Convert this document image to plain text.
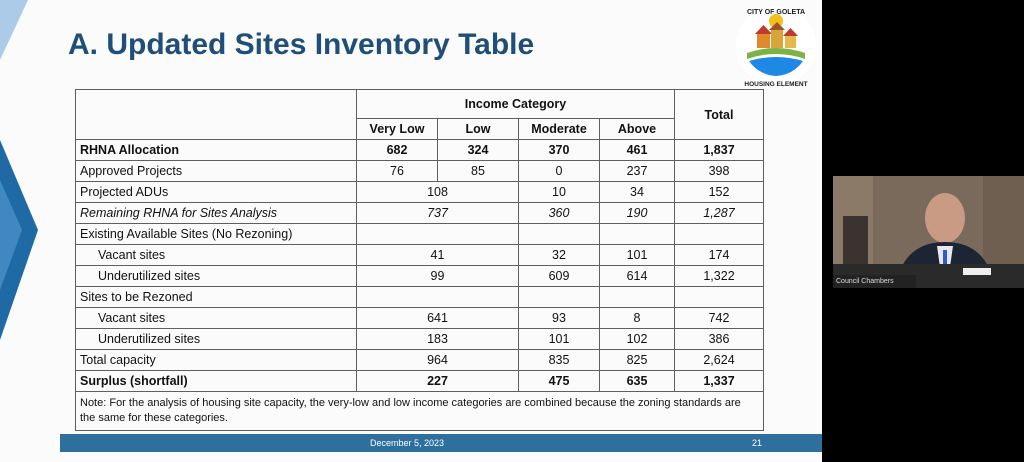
A. Updated Sites Inventory Table
CITY OF GOLETA
HOUSING ELEMENT
	Income Category				Total
	Very Low	Low	Moderate	Above	
RHNA Allocation	682	324	370	461	1,837
Approved Projects	76	85	0	237	398
Projected ADUs	108		10	34	152
Remaining RHNA for Sites Analysis	737		360	190	1,287
Existing Available Sites (No Rezoning)					
Vacant sites	41		32	101	174
Underutilized sites	99		609	614	1,322
Sites to be Rezoned					
Vacant sites	641		93	8	742
Underutilized sites	183		101	102	386
Total capacity	964		835	825	2,624
Surplus (shortfall)	227		475	635	1,337
Note: For the analysis of housing site capacity, the very-low and low income categories are combined because the zoning standards are the same for these categories.					
December 5, 2023	21
Council Chambers
